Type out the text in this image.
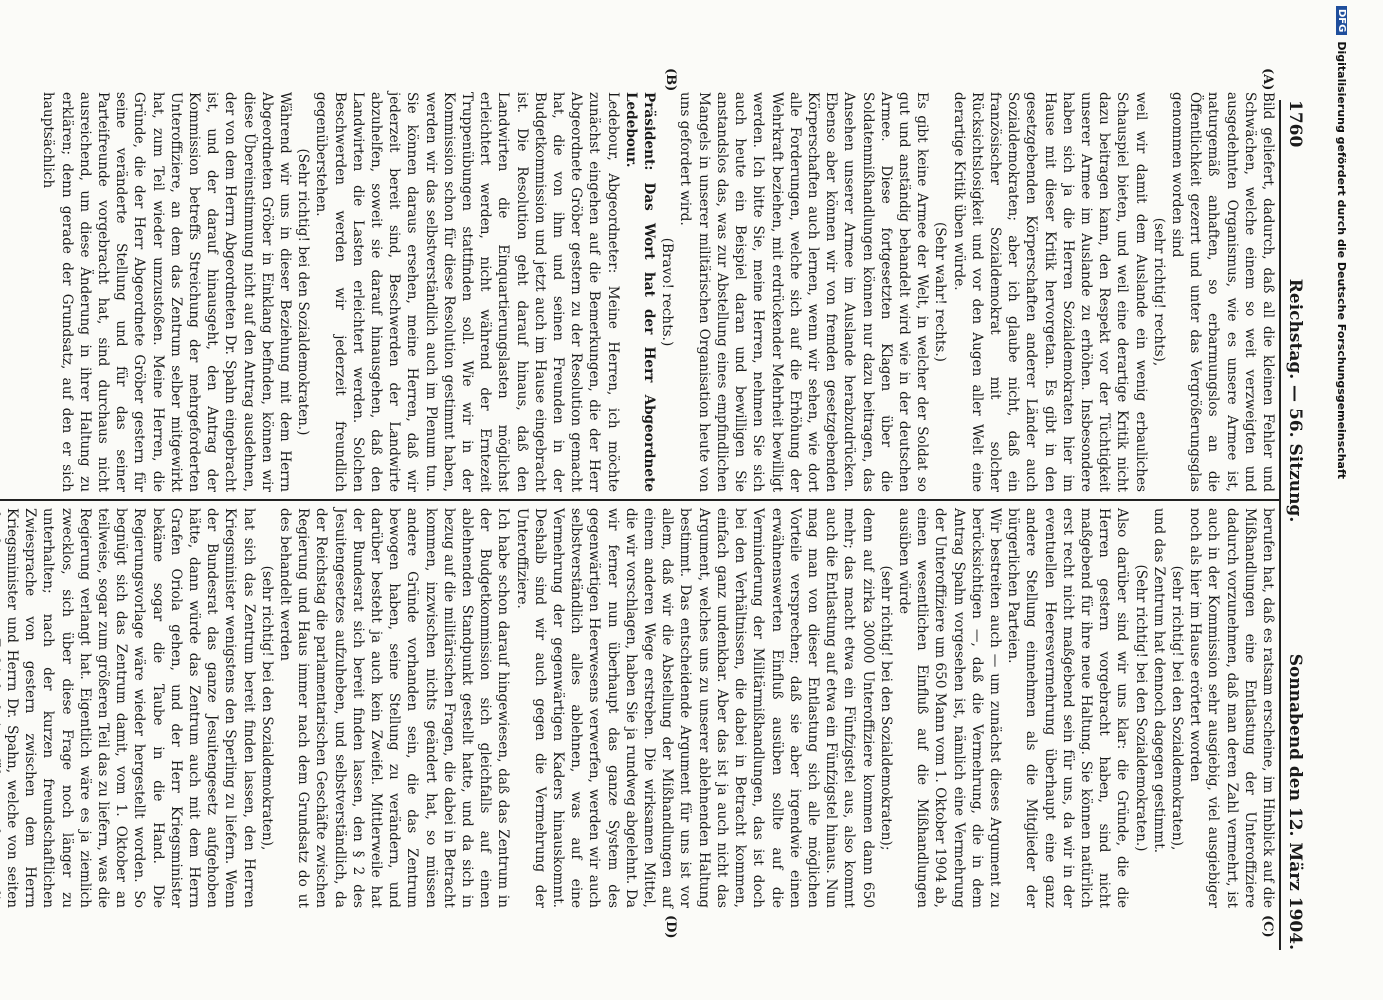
1760
Reichstag. — 56. Sitzung.
Sonnabend den 12. März 1904.
(A)
(B)
(C)
(D)

Bild geliefert, dadurch, daß all die kleinen Fehler und Schwächen, welche einem so weit verzweigten und ausgedehnten Organismus, wie es unsere Armee ist, naturgemäß anhaften, so erbarmungslos an die Öffentlichkeit gezerrt und unter das Vergrößerungsglas genommen worden sind

(sehr richtig! rechts),

weil wir damit dem Auslande ein wenig erbauliches Schauspiel bieten, und weil eine derartige Kritik nicht dazu beitragen kann, den Respekt vor der Tüchtigkeit unserer Armee im Auslande zu erhöhen. Insbesondere haben sich ja die Herren Sozialdemokraten hier im Hause mit dieser Kritik hervorgetan. Es gibt in den gesetzgebenden Körperschaften anderer Länder auch Sozialdemokraten; aber ich glaube nicht, daß ein französischer Sozialdemokrat mit solcher Rücksichtslosigkeit und vor den Augen aller Welt eine derartige Kritik üben würde.

(Sehr wahr! rechts.)

Es gibt keine Armee der Welt, in welcher der Soldat so gut und anständig behandelt wird wie in der deutschen Armee. Diese fortgesetzten Klagen über die Soldatenmißhandlungen können nur dazu beitragen, das Ansehen unserer Armee im Auslande herabzudrücken. Ebenso aber können wir von fremden gesetzgebenden Körperschaften auch lernen, wenn wir sehen, wie dort alle Forderungen, welche sich auf die Erhöhung der Wehrkraft beziehen, mit erdrückender Mehrheit bewilligt werden. Ich bitte Sie, meine Herren, nehmen Sie sich auch heute ein Beispiel daran und bewilligen Sie anstandslos das, was zur Abstellung eines empfindlichen Mangels in unserer militärischen Organisation heute von uns gefordert wird.

(Bravo! rechts.)

Präsident: Das Wort hat der Herr Abgeordnete Ledebour.

Ledebour, Abgeordneter: Meine Herren, ich möchte zunächst eingehen auf die Bemerkungen, die der Herr Abgeordnete Gröber gestern zu der Resolution gemacht hat, die von ihm und seinen Freunden in der Budgetkommission und jetzt auch im Hause eingebracht ist. Die Resolution geht darauf hinaus, daß den Landwirten die Einquartierungslasten möglichst erleichtert werden, nicht während der Erntezeit Truppenübungen stattfinden soll. Wie wir in der Kommission schon für diese Resolution gestimmt haben, werden wir das selbstverständlich auch im Plenum tun. Sie können daraus ersehen, meine Herren, daß wir jederzeit bereit sind, Beschwerden der Landwirte abzuhelfen, soweit sie darauf hinausgehen, daß den Landwirten die Lasten erleichtert werden. Solchen Beschwerden werden wir jederzeit freundlich gegenüberstehen.

(Sehr richtig! bei den Sozialdemokraten.)

Während wir uns in dieser Beziehung mit dem Herrn Abgeordneten Gröber in Einklang befinden, können wir diese Übereinstimmung nicht auf den Antrag ausdehnen, der von dem Herrn Abgeordneten Dr. Spahn eingebracht ist, und der darauf hinausgeht, den Antrag der Kommission betreffs Streichung der mehrgeforderten Unteroffiziere, an dem das Zentrum selber mitgewirkt hat, zum Teil wieder umzustoßen. Meine Herren, die Gründe, die der Herr Abgeordnete Gröber gestern für seine veränderte Stellung und für das seiner Parteifreunde vorgebracht hat, sind durchaus nicht ausreichend, um diese Änderung in ihrer Haltung zu erklären; denn gerade der Grundsatz, auf den er sich hauptsächlich

berufen hat, daß es ratsam erscheine, im Hinblick auf die Mißhandlungen eine Entlastung der Unteroffiziere dadurch vorzunehmen, daß man deren Zahl vermehrt, ist auch in der Kommission sehr ausgiebig, viel ausgiebiger noch als hier im Hause erörtert worden

(sehr richtig! bei den Sozialdemokraten),

und das Zentrum hat dennoch dagegen gestimmt.

(Sehr richtig! bei den Sozialdemokraten.)

Also darüber sind wir uns klar: die Gründe, die die Herren gestern vorgebracht haben, sind nicht maßgebend für ihre neue Haltung. Sie können natürlich erst recht nicht maßgebend sein für uns, da wir in der eventuellen Heeresvermehrung überhaupt eine ganz andere Stellung einnehmen als die Mitglieder der bürgerlichen Parteien.

Wir bestreiten auch — um zunächst dieses Argument zu berücksichtigen —, daß die Vermehrung, die in dem Antrag Spahn vorgesehen ist, nämlich eine Vermehrung der Unteroffiziere um 650 Mann vom 1. Oktober 1904 ab, einen wesentlichen Einfluß auf die Mißhandlungen ausüben würde

(sehr richtig! bei den Sozialdemokraten);

denn auf zirka 30000 Unteroffiziere kommen dann 650 mehr; das macht etwa ein Fünfzigstel aus, also kommt auch die Entlastung auf etwa ein Fünfzigstel hinaus. Nun mag man von dieser Entlastung sich alle möglichen Vorteile versprechen; daß sie aber irgendwie einen erwähnenswerten Einfluß ausüben sollte auf die Verminderung der Militärmißhandlungen, das ist doch bei den Verhältnissen, die dabei in Betracht kommen, einfach ganz undenkbar. Aber das ist ja auch nicht das Argument, welches uns zu unserer ablehnenden Haltung bestimmt. Das entscheidende Argument für uns ist vor allem, daß wir die Abstellung der Mißhandlungen auf einem anderen Wege erstreben. Die wirksamen Mittel, die wir vorschlagen, haben Sie ja rundweg abgelehnt. Da wir ferner nun überhaupt das ganze System des gegenwärtigen Heerwesens verwerfen, werden wir auch selbstverständlich alles ablehnen, was auf eine Vermehrung der gegenwärtigen Kaders hinauskommt. Deshalb sind wir auch gegen die Vermehrung der Unteroffiziere.

Ich habe schon darauf hingewiesen, daß das Zentrum in der Budgetkommission sich gleichfalls auf einen ablehnenden Standpunkt gestellt hatte, und da sich in bezug auf die militärischen Fragen, die dabei in Betracht kommen, inzwischen nichts geändert hat, so müssen andere Gründe vorhanden sein, die das Zentrum bewogen haben, seine Stellung zu verändern, und darüber besteht ja auch kein Zweifel. Mittlerweile hat der Bundesrat sich bereit finden lassen, den § 2 des Jesuitengesetzes aufzuheben, und selbstverständlich, da der Reichstag die parlamentarischen Geschäfte zwischen Regierung und Haus immer nach dem Grundsatz do ut des behandelt werden

(sehr richtig! bei den Sozialdemokraten),

hat sich das Zentrum bereit finden lassen, den Herren Kriegsminister wenigstens den Sperling zu liefern. Wenn der Bundesrat das ganze Jesuitengesetz aufgehoben hätte, dann würde das Zentrum auch mit dem Herrn Grafen Oriola gehen, und der Herr Kriegsminister bekäme sogar die Taube in die Hand. Die Regierungsvorlage wäre wieder hergestellt worden. So begnügt sich das Zentrum damit, vom 1. Oktober an teilweise, sogar zum größeren Teil das zu liefern, was die Regierung verlangt hat. Eigentlich wäre es ja ziemlich zwecklos, sich über diese Frage noch länger zu unterhalten; nach der kurzen freundschaftlichen Zwiesprache von gestern zwischen dem Herrn Kriegsminister und Herrn Dr. Spahn, welche von seiten

DFG
Digitalisierung gefördert durch die Deutsche Forschungsgemeinschaft
